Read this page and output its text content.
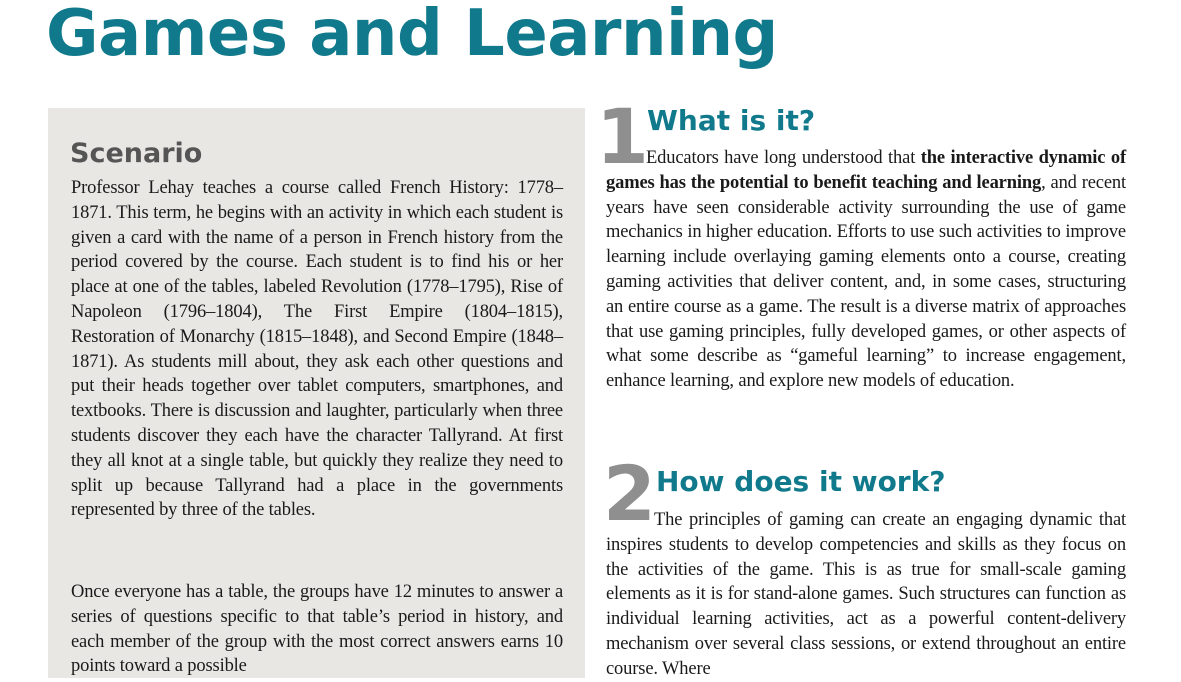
Games and Learning
Scenario

Professor Lehay teaches a course called French History: 1778–1871. This term, he begins with an activity in which each student is given a card with the name of a person in French history from the period covered by the course. Each student is to find his or her place at one of the tables, labeled Revolution (1778–1795), Rise of Napoleon (1796–1804), The First Empire (1804–1815), Restoration of Monarchy (1815–1848), and Second Empire (1848–1871). As students mill about, they ask each other questions and put their heads together over tablet computers, smartphones, and textbooks. There is discussion and laughter, particularly when three students discover they each have the character Tallyrand. At first they all knot at a single table, but quickly they realize they need to split up because Tallyrand had a place in the governments represented by three of the tables.

Once everyone has a table, the groups have 12 minutes to answer a series of questions specific to that table’s period in history, and each member of the group with the most correct answers earns 10 points toward a possible

1
What is it?

Educators have long understood that the interactive dynamic of games has the potential to benefit teaching and learning, and recent years have seen considerable activity surrounding the use of game mechanics in higher education. Efforts to use such activities to improve learning include overlaying gaming elements onto a course, creating gaming activities that deliver content, and, in some cases, structuring an entire course as a game. The result is a diverse matrix of approaches that use gaming principles, fully developed games, or other aspects of what some describe as “gameful learning” to increase engagement, enhance learning, and explore new models of education.

2 How does it work?

The principles of gaming can create an engaging dynamic that inspires students to develop competencies and skills as they focus on the activities of the game. This is as true for small-scale gaming elements as it is for stand-alone games. Such structures can function as individual learning activities, act as a powerful content-delivery mechanism over several class sessions, or extend throughout an entire course. Where
